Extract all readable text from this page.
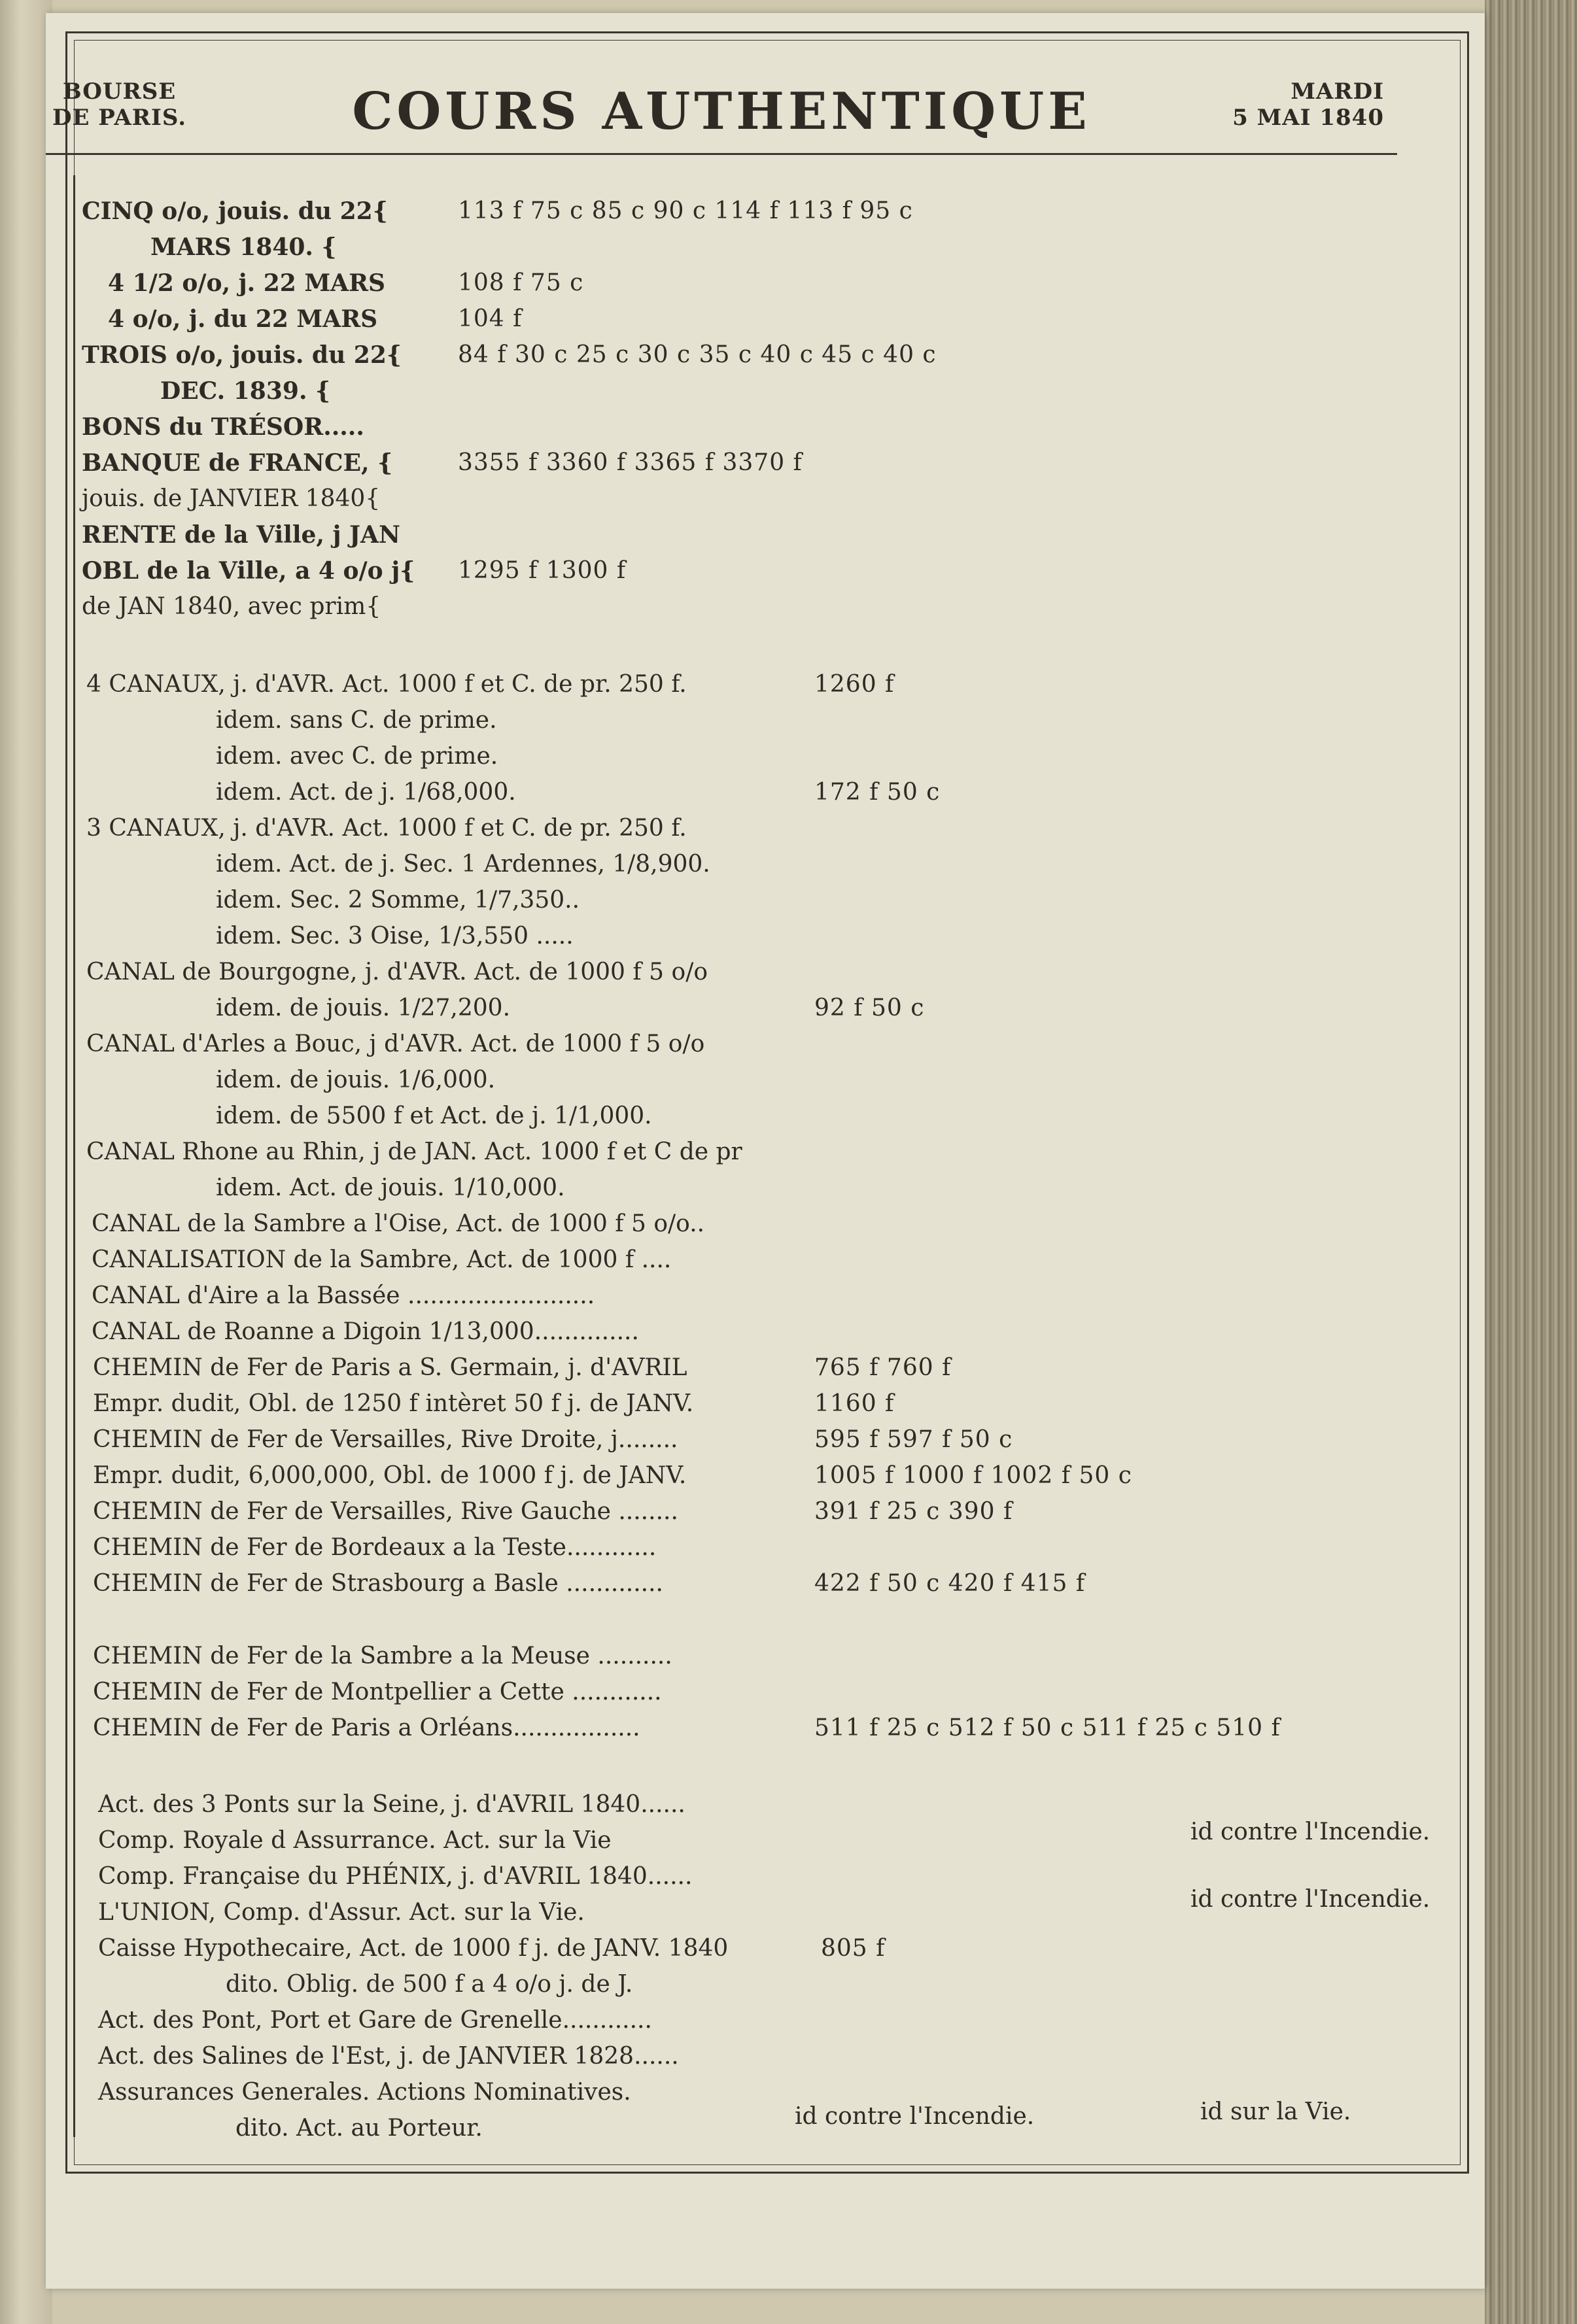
BOURSE
DE PARIS.	COURS AUTHENTIQUE	MARDI
5 MAI 1840
CINQ o/o, jouis. du 22{	113 f 75 c 85 c 90 c 114 f 113 f 95 c
MARS 1840. {
4 1/2 o/o, j. 22 MARS	108 f 75 c
4 o/o, j. du 22 MARS	104 f
TROIS o/o, jouis. du 22{ 84 f 30 c 25 c 30 c 35 c 40 c 45 c 40 c
DEC. 1839. {
BONS du TRÉSOR.....
BANQUE de FRANCE, {	3355 f 3360 f 3365 f 3370 f
jouis. de JANVIER 1840{
RENTE de la Ville, j JAN
OBL de la Ville, a 4 o/o j{ 1295 f 1300 f
de JAN 1840, avec prim{
4 CANAUX, j. d'AVR. Act. 1000 f et C. de pr. 250 f.	1260 f
idem. sans C. de prime.
idem. avec C. de prime.
idem. Act. de j. 1/68,000.	172 f 50 c
3 CANAUX, j. d'AVR. Act. 1000 f et C. de pr. 250 f.
idem. Act. de j. Sec. 1 Ardennes, 1/8,900.
idem. Sec. 2 Somme, 1/7,350..
idem. Sec. 3 Oise, 1/3,550 .....
CANAL de Bourgogne, j. d'AVR. Act. de 1000 f 5 o/o
idem. de jouis. 1/27,200.	92 f 50 c
CANAL d'Arles a Bouc, j d'AVR. Act. de 1000 f 5 o/o
idem. de jouis. 1/6,000.
idem. de 5500 f et Act. de j. 1/1,000.
CANAL Rhone au Rhin, j de JAN. Act. 1000 f et C de pr
idem. Act. de jouis. 1/10,000.
CANAL de la Sambre a l'Oise, Act. de 1000 f 5 o/o..
CANALISATION de la Sambre, Act. de 1000 f ....
CANAL d'Aire a la Bassée .........................
CANAL de Roanne a Digoin 1/13,000..............
CHEMIN de Fer de Paris a S. Germain, j. d'AVRIL	765 f 760 f
Empr. dudit, Obl. de 1250 f intèret 50 f j. de JANV.	1160 f
CHEMIN de Fer de Versailles, Rive Droite, j........	595 f 597 f 50 c
Empr. dudit, 6,000,000, Obl. de 1000 f j. de JANV.	1005 f 1000 f 1002 f 50 c
CHEMIN de Fer de Versailles, Rive Gauche ........	391 f 25 c 390 f
CHEMIN de Fer de Bordeaux a la Teste............
CHEMIN de Fer de Strasbourg a Basle .............	422 f 50 c 420 f 415 f
CHEMIN de Fer de la Sambre a la Meuse ..........
CHEMIN de Fer de Montpellier a Cette ............
CHEMIN de Fer de Paris a Orléans.................	511 f 25 c 512 f 50 c 511 f 25 c 510 f
Act. des 3 Ponts sur la Seine, j. d'AVRIL 1840......
Comp. Royale d Assurrance. Act. sur la Vie	id contre l'Incendie.
Comp. Française du PHÉNIX, j. d'AVRIL 1840......
L'UNION, Comp. d'Assur. Act. sur la Vie.	id contre l'Incendie.
Caisse Hypothecaire, Act. de 1000 f j. de JANV. 1840	805 f
dito. Oblig. de 500 f a 4 o/o j. de J.
Act. des Pont, Port et Gare de Grenelle............
Act. des Salines de l'Est, j. de JANVIER 1828......
Assurances Generales. Actions Nominatives.
dito. Act. au Porteur.	id contre l'Incendie.	id sur la Vie.
